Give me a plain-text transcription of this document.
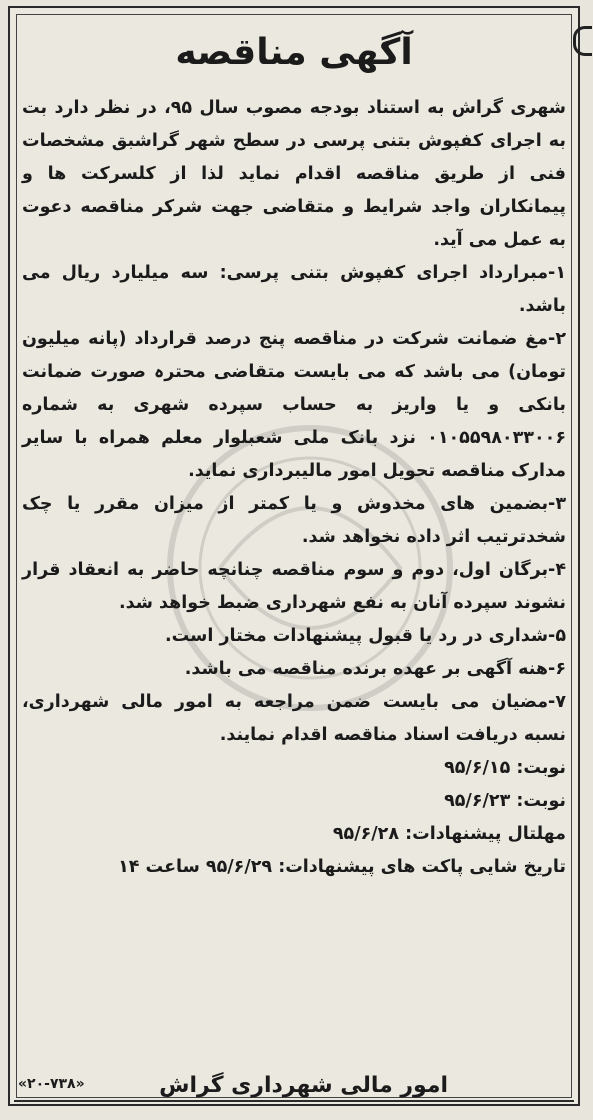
آگهی مناقصه

شهری گراش به استناد بودجه مصوب سال ۹۵، در نظر دارد بت به اجرای کفپوش بتنی پرسی در سطح شهر گراشبق مشخصات فنی از طریق مناقصه اقدام نماید لذا از کلسرکت ها و پیمانکاران واجد شرایط و متقاضی جهت شرکر مناقصه دعوت به عمل می آید.

۱-مبرارداد اجرای کفپوش بتنی پرسی: سه میلیارد ریال می باشد.

۲-مغ ضمانت شرکت در مناقصه پنج درصد قرارداد (پانه میلیون تومان) می باشد که می بایست متقاضی محترہ صورت ضمانت بانکی و یا واریز به حساب سپرده شهری به شماره ۰۱۰۵۵۹۸۰۳۳۰۰۶ نزد بانک ملی شعبلوار معلم همراه با سایر مدارک مناقصه تحویل امور مالیبرداری نماید.

۳-بضمین های مخدوش و یا کمتر از میزان مقرر یا چک شخدترتیب اثر داده نخواهد شد.

۴-برگان اول، دوم و سوم مناقصه چنانچه حاضر به انعقاد قرار نشوند سپرده آنان به نفع شهرداری ضبط خواهد شد.

۵-شداری در رد یا قبول پیشنهادات مختار است.

۶-هنه آگهی بر عهده برنده مناقصه می باشد.

۷-مضیان می بایست ضمن مراجعه به امور مالی شهرداری، نسبه دریافت اسناد مناقصه اقدام نمایند.

نوبت: ۹۵/۶/۱۵

نوبت: ۹۵/۶/۲۳

مهلتال پیشنهادات: ۹۵/۶/۲۸

تاریخ شایی پاکت های پیشنهادات: ۹۵/۶/۲۹ ساعت ۱۴

امور مالی شهرداری گراش
«۲۰-۷۳۸»
